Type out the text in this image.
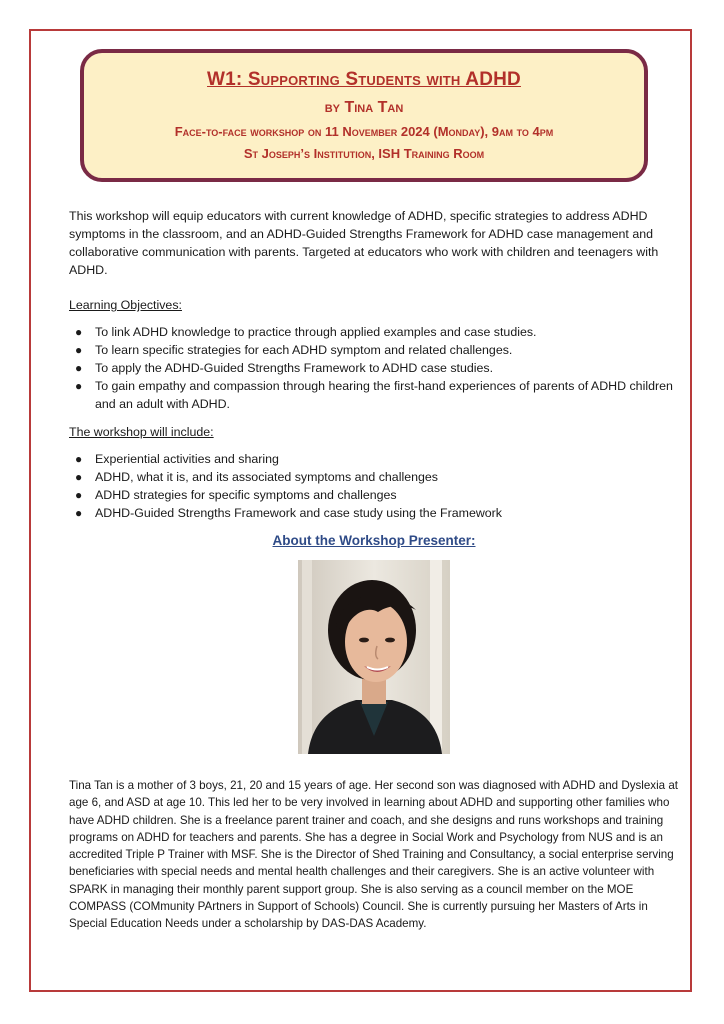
W1: Supporting Students with ADHD
by Tina Tan
Face-to-face workshop on 11 November 2024 (Monday), 9am to 4pm
St Joseph’s Institution, ISH Training Room

This workshop will equip educators with current knowledge of ADHD, specific strategies to address ADHD symptoms in the classroom, and an ADHD-Guided Strengths Framework for ADHD case management and collaborative communication with parents. Targeted at educators who work with children and teenagers with ADHD.

Learning Objectives:

● To link ADHD knowledge to practice through applied examples and case studies.
● To learn specific strategies for each ADHD symptom and related challenges.
● To apply the ADHD-Guided Strengths Framework to ADHD case studies.
● To gain empathy and compassion through hearing the first-hand experiences of parents of ADHD children and an adult with ADHD.

The workshop will include:

● Experiential activities and sharing
● ADHD, what it is, and its associated symptoms and challenges
● ADHD strategies for specific symptoms and challenges
● ADHD-Guided Strengths Framework and case study using the Framework
About the Workshop Presenter:

Tina Tan is a mother of 3 boys, 21, 20 and 15 years of age. Her second son was diagnosed with ADHD and Dyslexia at age 6, and ASD at age 10. This led her to be very involved in learning about ADHD and supporting other families who have ADHD children. She is a freelance parent trainer and coach, and she designs and runs workshops and training programs on ADHD for teachers and parents. She has a degree in Social Work and Psychology from NUS and is an accredited Triple P Trainer with MSF. She is the Director of Shed Training and Consultancy, a social enterprise serving beneficiaries with special needs and mental health challenges and their caregivers. She is an active volunteer with SPARK in managing their monthly parent support group. She is also serving as a council member on the MOE COMPASS (COMmunity PArtners in Support of Schools) Council. She is currently pursuing her Masters of Arts in Special Education Needs under a scholarship by DAS-DAS Academy.
